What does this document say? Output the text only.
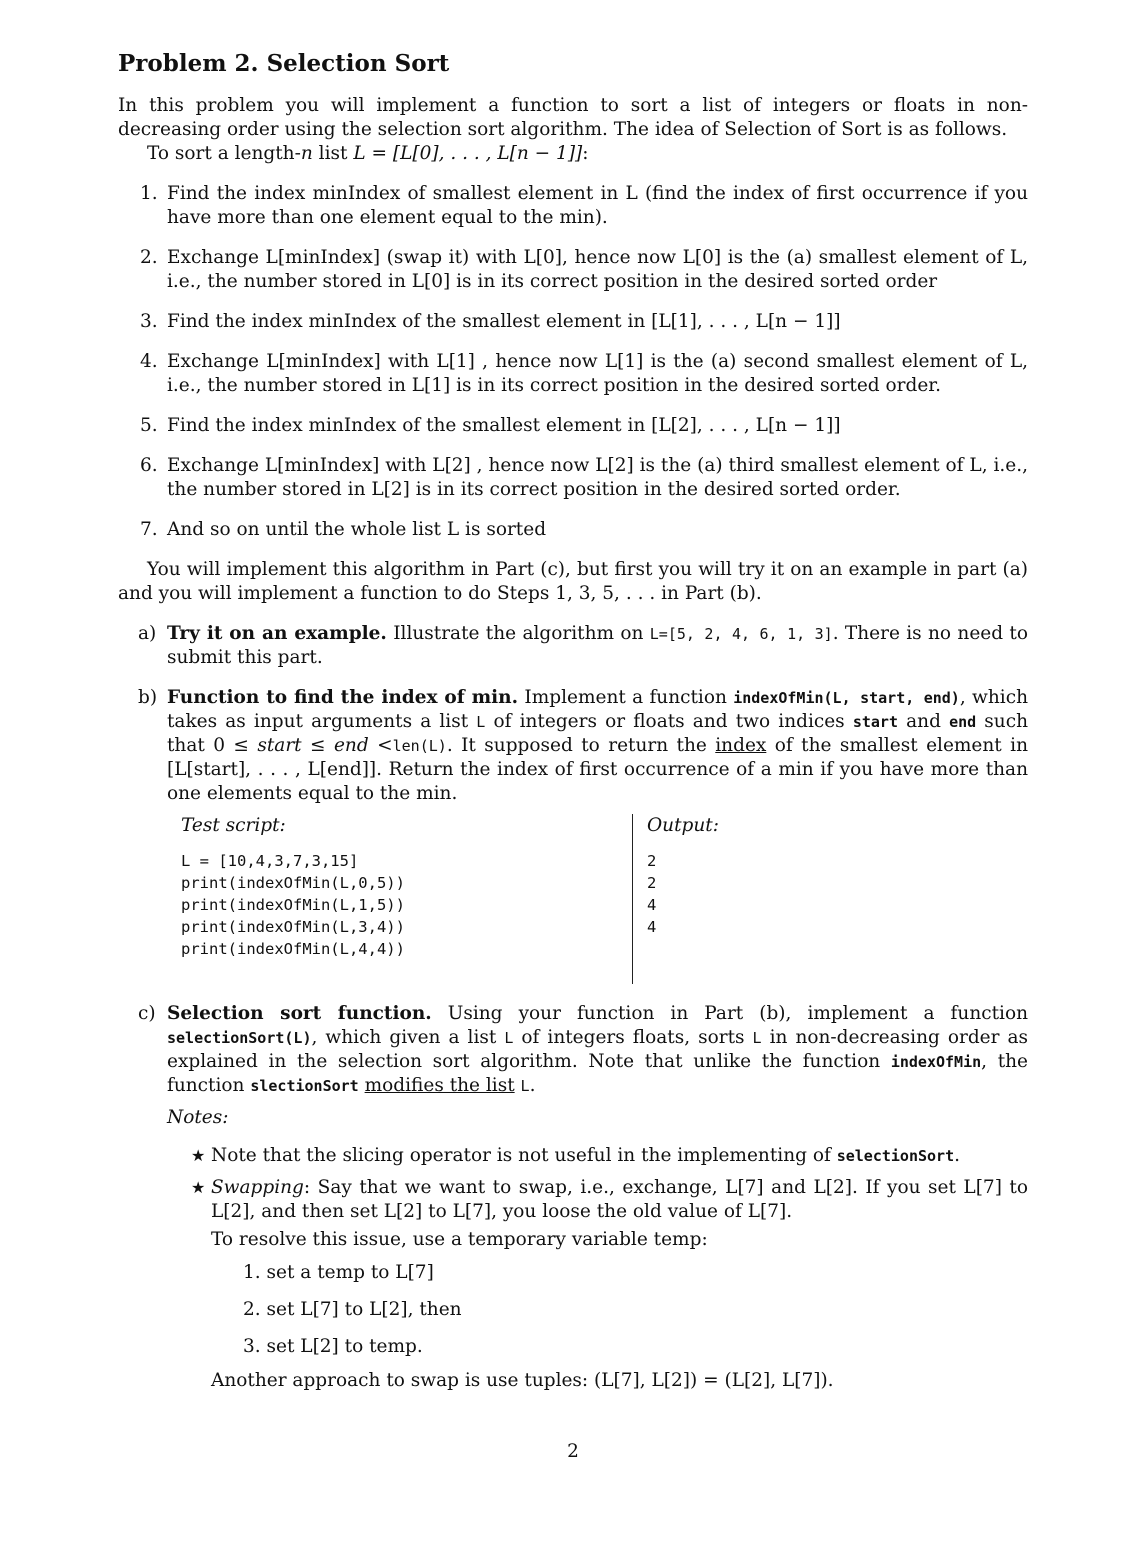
Problem 2. Selection Sort

In this problem you will implement a function to sort a list of integers or floats in non-decreasing order using the selection sort algorithm. The idea of Selection of Sort is as follows.

To sort a length-n list L = [L[0], . . . , L[n − 1]]:

1. Find the index minIndex of smallest element in L (find the index of first occurrence if you have more than one element equal to the min).
2. Exchange L[minIndex] (swap it) with L[0], hence now L[0] is the (a) smallest element of L, i.e., the number stored in L[0] is in its correct position in the desired sorted order
3. Find the index minIndex of the smallest element in [L[1], . . . , L[n − 1]]
4. Exchange L[minIndex] with L[1] , hence now L[1] is the (a) second smallest element of L, i.e., the number stored in L[1] is in its correct position in the desired sorted order.
5. Find the index minIndex of the smallest element in [L[2], . . . , L[n − 1]]
6. Exchange L[minIndex] with L[2] , hence now L[2] is the (a) third smallest element of L, i.e., the number stored in L[2] is in its correct position in the desired sorted order.
7. And so on until the whole list L is sorted

You will implement this algorithm in Part (c), but first you will try it on an example in part (a) and you will implement a function to do Steps 1, 3, 5, . . . in Part (b).

a) Try it on an example. Illustrate the algorithm on L=[5, 2, 4, 6, 1, 3]. There is no need to submit this part.
b) Function to find the index of min. Implement a function indexOfMin(L, start, end), which takes as input arguments a list L of integers or floats and two indices start and end such that 0 ≤ start ≤ end <len(L). It supposed to return the index of the smallest element in [L[start], . . . , L[end]]. Return the index of first occurrence of a min if you have more than one elements equal to the min.
Test script:
L = [10,4,3,7,3,15]
print(indexOfMin(L,0,5))
print(indexOfMin(L,1,5))
print(indexOfMin(L,3,4))
print(indexOfMin(L,4,4))
Output:
2
2
4
4
c) Selection sort function. Using your function in Part (b), implement a function selectionSort(L), which given a list L of integers floats, sorts L in non-decreasing order as explained in the selection sort algorithm. Note that unlike the function indexOfMin, the function slectionSort modifies the list L.
Notes:
★ Note that the slicing operator is not useful in the implementing of selectionSort.
★ Swapping: Say that we want to swap, i.e., exchange, L[7] and L[2]. If you set L[7] to L[2], and then set L[2] to L[7], you loose the old value of L[7].
To resolve this issue, use a temporary variable temp:
1. set a temp to L[7]
2. set L[7] to L[2], then
3. set L[2] to temp.
Another approach to swap is use tuples: (L[7], L[2]) = (L[2], L[7]).
2
